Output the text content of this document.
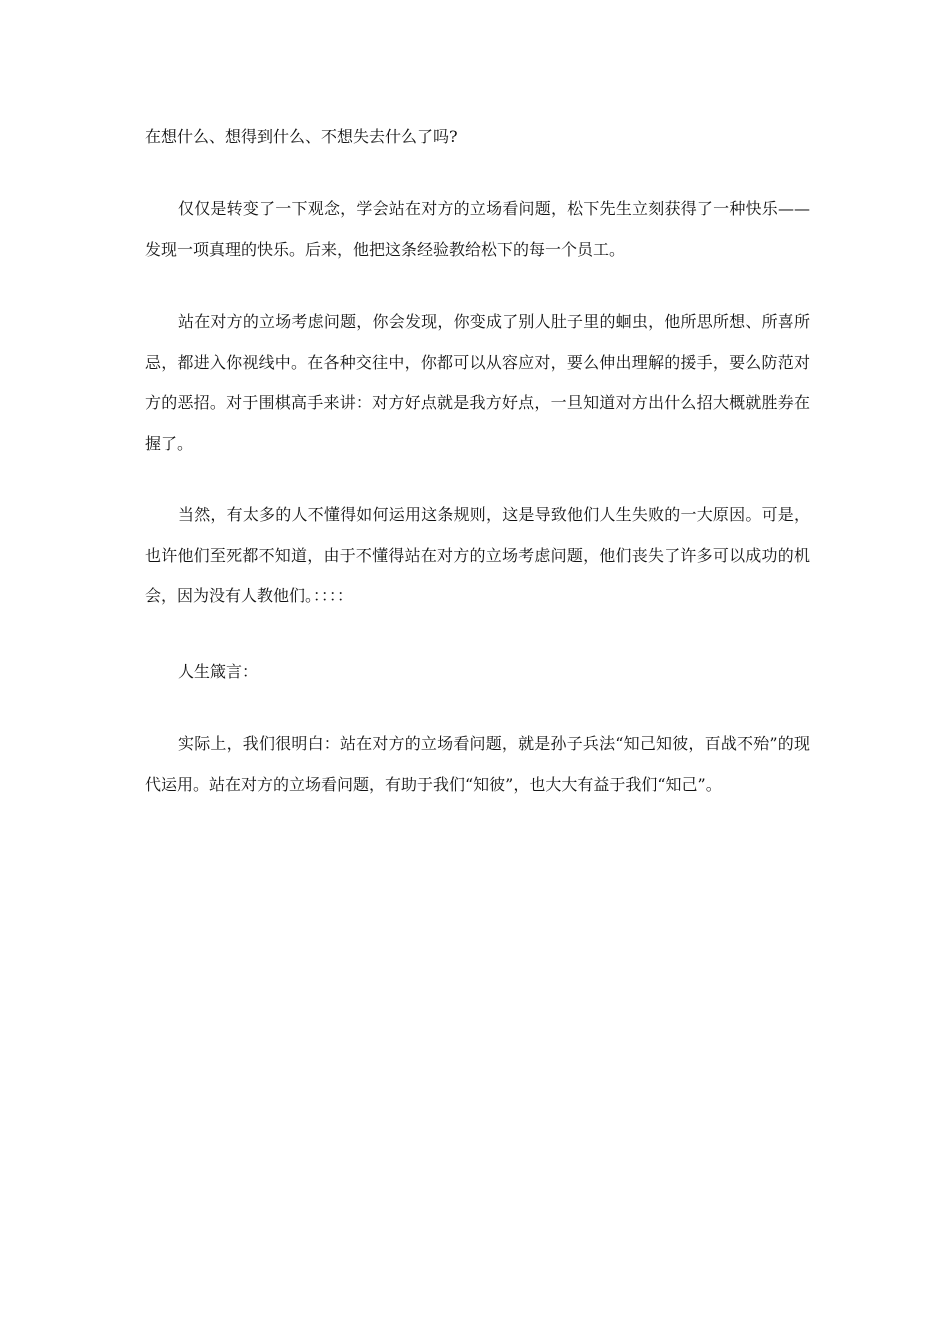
在想什么、想得到什么、不想失去什么了吗?

仅仅是转变了一下观念，学会站在对方的立场看问题，松下先生立刻获得了一种快乐——发现一项真理的快乐。后来，他把这条经验教给松下的每一个员工。

站在对方的立场考虑问题，你会发现，你变成了别人肚子里的蛔虫，他所思所想、所喜所忌，都进入你视线中。在各种交往中，你都可以从容应对，要么伸出理解的援手，要么防范对方的恶招。对于围棋高手来讲：对方好点就是我方好点，一旦知道对方出什么招大概就胜券在握了。

当然，有太多的人不懂得如何运用这条规则，这是导致他们人生失败的一大原因。可是，也许他们至死都不知道，由于不懂得站在对方的立场考虑问题，他们丧失了许多可以成功的机会，因为没有人教他们。：：：：

人生箴言：

实际上，我们很明白：站在对方的立场看问题，就是孙子兵法“知己知彼，百战不殆”的现代运用。站在对方的立场看问题，有助于我们“知彼”，也大大有益于我们“知己”。
